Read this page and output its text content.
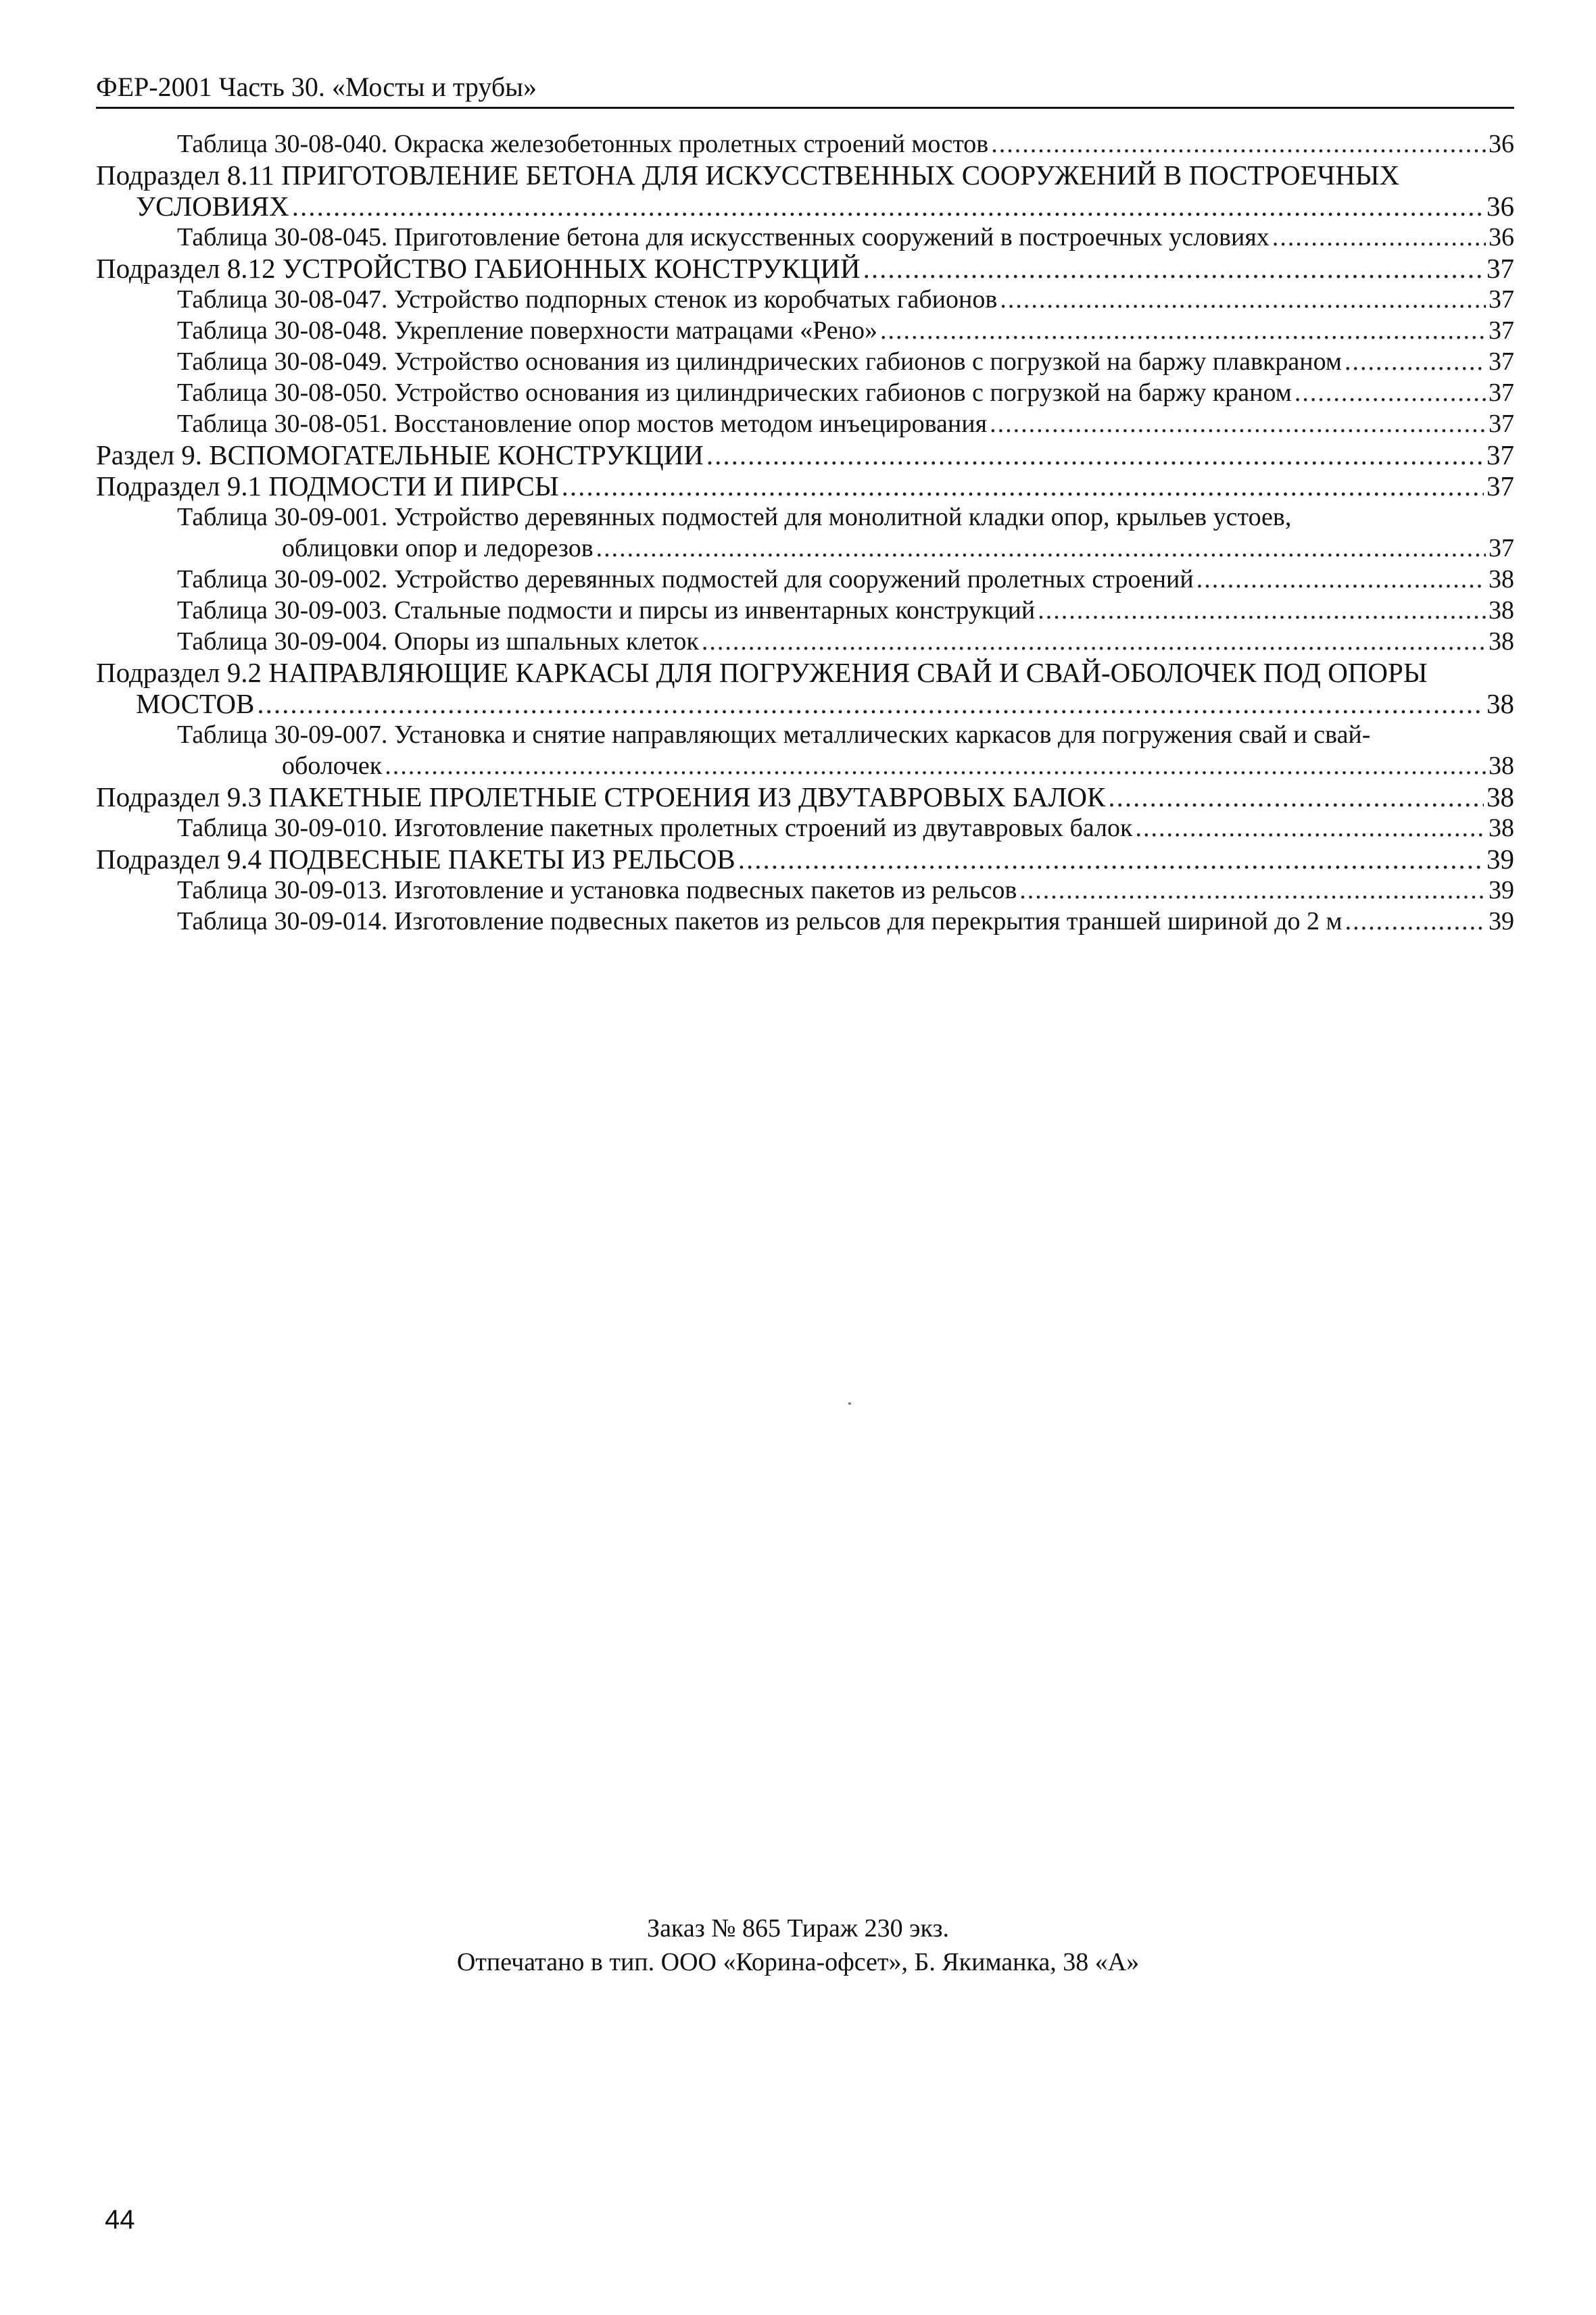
ФЕР-2001 Часть 30. «Мосты и трубы»
Таблица 30-08-040. Окраска железобетонных пролетных строений мостов .....	36
Подраздел 8.11 ПРИГОТОВЛЕНИЕ БЕТОНА ДЛЯ ИСКУССТВЕННЫХ СООРУЖЕНИЙ В ПОСТРОЕЧНЫХ
УСЛОВИЯХ .....	36
Таблица 30-08-045. Приготовление бетона для искусственных сооружений в построечных условиях .....	36
Подраздел 8.12 УСТРОЙСТВО ГАБИОННЫХ КОНСТРУКЦИЙ .....	37
Таблица 30-08-047. Устройство подпорных стенок из коробчатых габионов .....	37
Таблица 30-08-048. Укрепление поверхности матрацами «Рено» .....	37
Таблица 30-08-049. Устройство основания из цилиндрических габионов с погрузкой на баржу плавкраном .....	37
Таблица 30-08-050. Устройство основания из цилиндрических габионов с погрузкой на баржу краном .....	37
Таблица 30-08-051. Восстановление опор мостов методом инъецирования .....	37
Раздел 9. ВСПОМОГАТЕЛЬНЫЕ КОНСТРУКЦИИ .....	37
Подраздел 9.1 ПОДМОСТИ И ПИРСЫ .....	37
Таблица 30-09-001. Устройство деревянных подмостей для монолитной кладки опор, крыльев устоев,
облицовки опор и ледорезов .....	37
Таблица 30-09-002. Устройство деревянных подмостей для сооружений пролетных строений .....	38
Таблица 30-09-003. Стальные подмости и пирсы из инвентарных конструкций .....	38
Таблица 30-09-004. Опоры из шпальных клеток .....	38
Подраздел 9.2 НАПРАВЛЯЮЩИЕ КАРКАСЫ ДЛЯ ПОГРУЖЕНИЯ СВАЙ И СВАЙ-ОБОЛОЧЕК ПОД ОПОРЫ
МОСТОВ .....	38
Таблица 30-09-007. Установка и снятие направляющих металлических каркасов для погружения свай и свай-
оболочек .....	38
Подраздел 9.3 ПАКЕТНЫЕ ПРОЛЕТНЫЕ СТРОЕНИЯ ИЗ ДВУТАВРОВЫХ БАЛОК .....	38
Таблица 30-09-010. Изготовление пакетных пролетных строений из двутавровых балок .....	38
Подраздел 9.4 ПОДВЕСНЫЕ ПАКЕТЫ ИЗ РЕЛЬСОВ .....	39
Таблица 30-09-013. Изготовление и установка подвесных пакетов из рельсов .....	39
Таблица 30-09-014. Изготовление подвесных пакетов из рельсов для перекрытия траншей шириной до 2 м .....	39
Заказ № 865 Тираж 230 экз.
Отпечатано в тип. ООО «Корина-офсет», Б. Якиманка, 38 «А»
44
